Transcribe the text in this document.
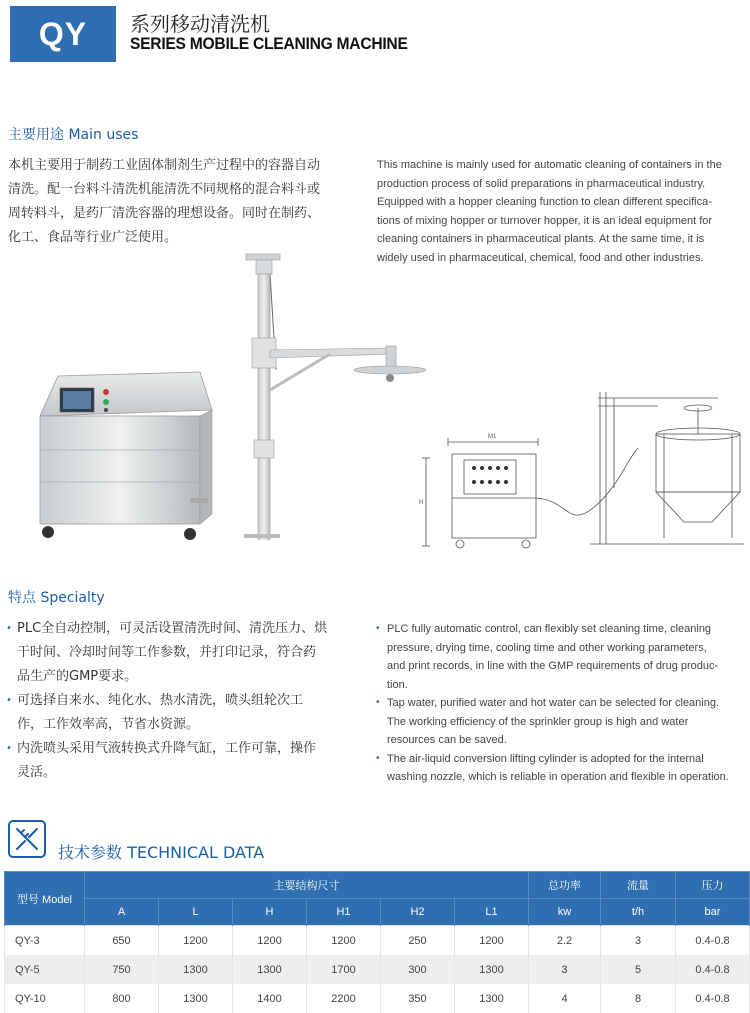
QY	系列移动清洗机
SERIES MOBILE CLEANING MACHINE
主要用途 Main uses
本机主要用于制药工业固体制剂生产过程中的容器自动
清洗。配一台料斗清洗机能清洗不同规格的混合料斗或
周转料斗，是药厂清洗容器的理想设备。同时在制药、
化工、食品等行业广泛使用。
This machine is mainly used for automatic cleaning of containers in the
production process of solid preparations in pharmaceutical industry.
Equipped with a hopper cleaning function to clean different specifica-
tions of mixing hopper or turnover hopper, it is an ideal equipment for
cleaning containers in pharmaceutical plants. At the same time, it is
widely used in pharmaceutical, chemical, food and other industries.
M1
H
特点 Specialty
• PLC全自动控制，可灵活设置清洗时间、清洗压力、烘
干时间、冷却时间等工作参数，并打印记录，符合药
品生产的GMP要求。
• 可选择自来水、纯化水、热水清洗，喷头组轮次工
作，工作效率高，节省水资源。
• 内洗喷头采用气液转换式升降气缸，工作可靠，操作
灵活。
• PLC fully automatic control, can flexibly set cleaning time, cleaning
pressure, drying time, cooling time and other working parameters,
and print records, in line with the GMP requirements of drug produc-
tion.
• Tap water, purified water and hot water can be selected for cleaning.
The working efficiency of the sprinkler group is high and water
resources can be saved.
• The air-liquid conversion lifting cylinder is adopted for the internal
washing nozzle, which is reliable in operation and flexible in operation.
技术参数 TECHNICAL DATA
型号 Model	主要结构尺寸						总功率	流量	压力
	A	L	H	H1	H2	L1	kw	t/h	bar
QY-3	650	1200	1200	1200	250	1200	2.2	3	0.4-0.8
QY-5	750	1300	1300	1700	300	1300	3	5	0.4-0.8
QY-10	800	1300	1400	2200	350	1300	4	8	0.4-0.8
